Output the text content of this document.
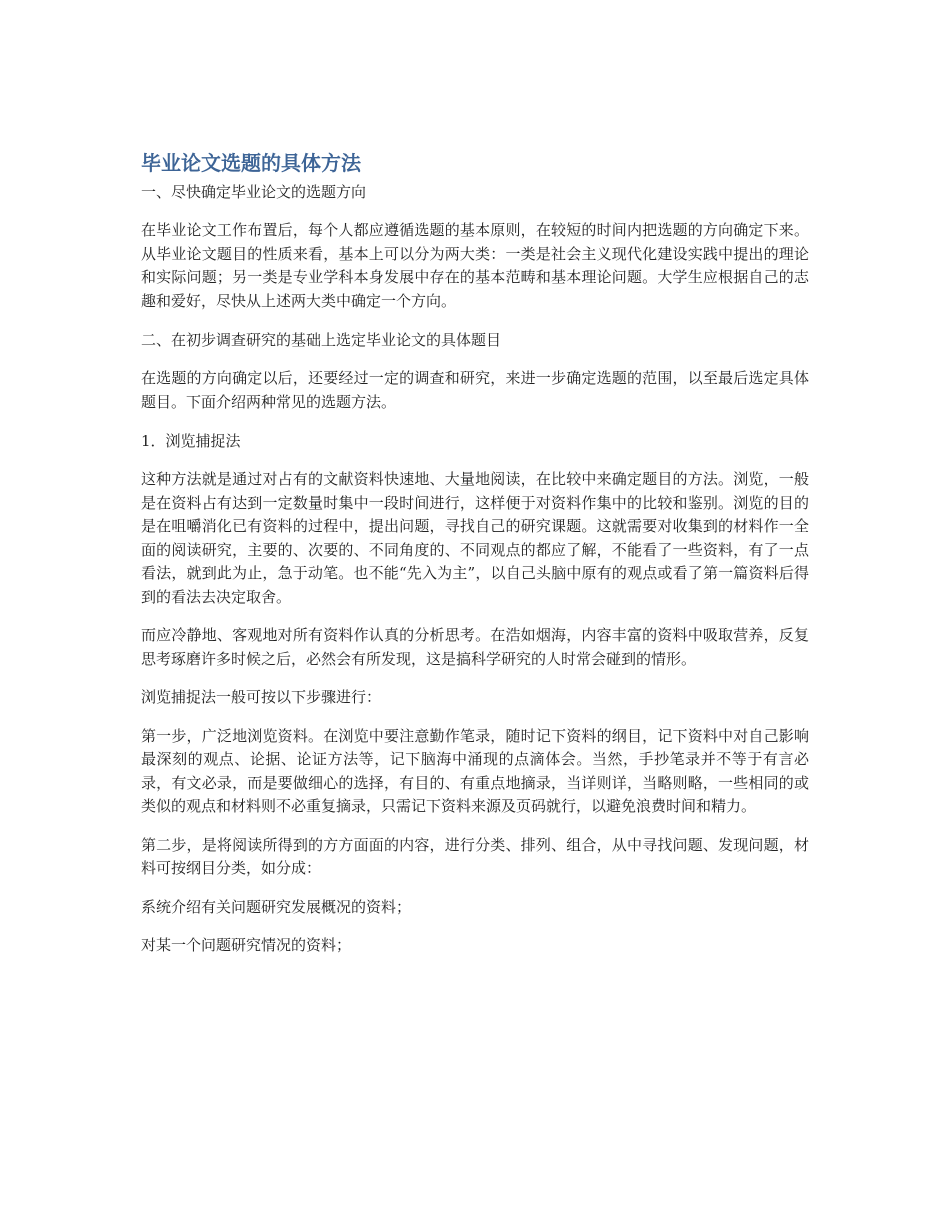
毕业论文选题的具体方法
一、尽快确定毕业论文的选题方向

在毕业论文工作布置后，每个人都应遵循选题的基本原则，在较短的时间内把选题的方向确定下来。从毕业论文题目的性质来看，基本上可以分为两大类：一类是社会主义现代化建设实践中提出的理论和实际问题；另一类是专业学科本身发展中存在的基本范畴和基本理论问题。大学生应根据自己的志趣和爱好，尽快从上述两大类中确定一个方向。

二、在初步调查研究的基础上选定毕业论文的具体题目

在选题的方向确定以后，还要经过一定的调查和研究，来进一步确定选题的范围，以至最后选定具体题目。下面介绍两种常见的选题方法。

1．浏览捕捉法

这种方法就是通过对占有的文献资料快速地、大量地阅读，在比较中来确定题目的方法。浏览，一般是在资料占有达到一定数量时集中一段时间进行，这样便于对资料作集中的比较和鉴别。浏览的目的是在咀嚼消化已有资料的过程中，提出问题，寻找自己的研究课题。这就需要对收集到的材料作一全面的阅读研究，主要的、次要的、不同角度的、不同观点的都应了解，不能看了一些资料，有了一点看法，就到此为止，急于动笔。也不能“先入为主”，以自己头脑中原有的观点或看了第一篇资料后得到的看法去决定取舍。

而应冷静地、客观地对所有资料作认真的分析思考。在浩如烟海，内容丰富的资料中吸取营养，反复思考琢磨许多时候之后，必然会有所发现，这是搞科学研究的人时常会碰到的情形。

浏览捕捉法一般可按以下步骤进行：

第一步，广泛地浏览资料。在浏览中要注意勤作笔录，随时记下资料的纲目，记下资料中对自己影响最深刻的观点、论据、论证方法等，记下脑海中涌现的点滴体会。当然，手抄笔录并不等于有言必录，有文必录，而是要做细心的选择，有目的、有重点地摘录，当详则详，当略则略，一些相同的或类似的观点和材料则不必重复摘录，只需记下资料来源及页码就行，以避免浪费时间和精力。

第二步，是将阅读所得到的方方面面的内容，进行分类、排列、组合，从中寻找问题、发现问题，材料可按纲目分类，如分成：

系统介绍有关问题研究发展概况的资料；

对某一个问题研究情况的资料；
